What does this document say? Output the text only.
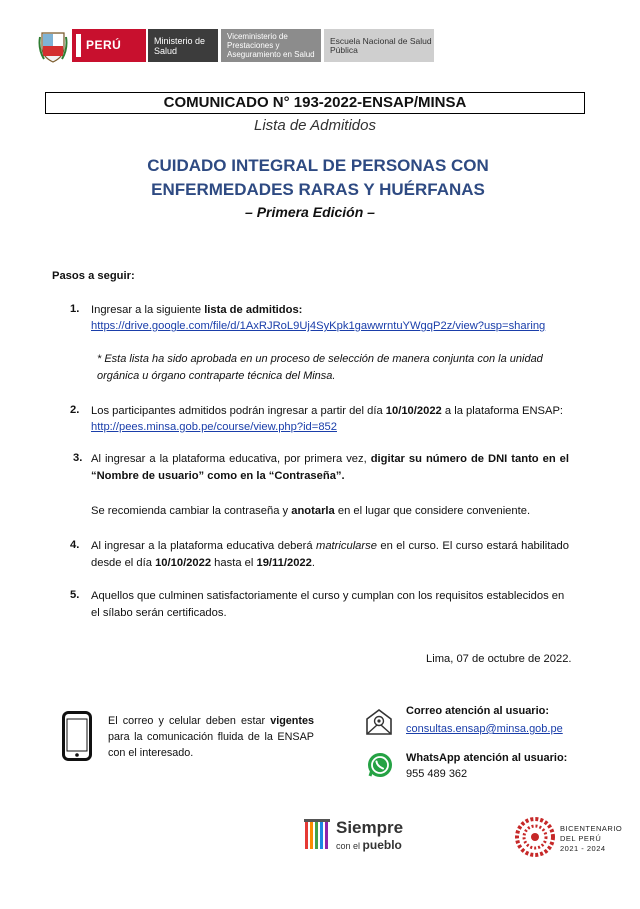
PERÚ	Ministerio de Salud
Viceministerio de Prestaciones y Aseguramiento en Salud
Escuela Nacional de Salud Pública
COMUNICADO N° 193-2022-ENSAP/MINSA
Lista de Admitidos
CUIDADO INTEGRAL DE PERSONAS CON
ENFERMEDADES RARAS Y HUÉRFANAS
– Primera Edición –
Pasos a seguir:
1. Ingresar a la siguiente lista de admitidos:
https://drive.google.com/file/d/1AxRJRoL9Uj4SyKpk1gawwrntuYWgqP2z/view?usp=sharing
* Esta lista ha sido aprobada en un proceso de selección de manera conjunta con la unidad orgánica u órgano contraparte técnica del Minsa.
2. Los participantes admitidos podrán ingresar a partir del día 10/10/2022 a la plataforma ENSAP:
http://pees.minsa.gob.pe/course/view.php?id=852
3. Al ingresar a la plataforma educativa, por primera vez, digitar su número de DNI tanto en el “Nombre de usuario” como en la “Contraseña”.
Se recomienda cambiar la contraseña y anotarla en el lugar que considere conveniente.
4. Al ingresar a la plataforma educativa deberá matricularse en el curso. El curso estará habilitado desde el día 10/10/2022 hasta el 19/11/2022.
5. Aquellos que culminen satisfactoriamente el curso y cumplan con los requisitos establecidos en el sílabo serán certificados.
Lima, 07 de octubre de 2022.
El correo y celular deben estar vigentes para la comunicación fluida de la ENSAP con el interesado.
Correo atención al usuario:
consultas.ensap@minsa.gob.pe
WhatsApp atención al usuario:
955 489 362
Siempre
con el pueblo
BICENTENARIO
DEL PERÚ
2021 - 2024
